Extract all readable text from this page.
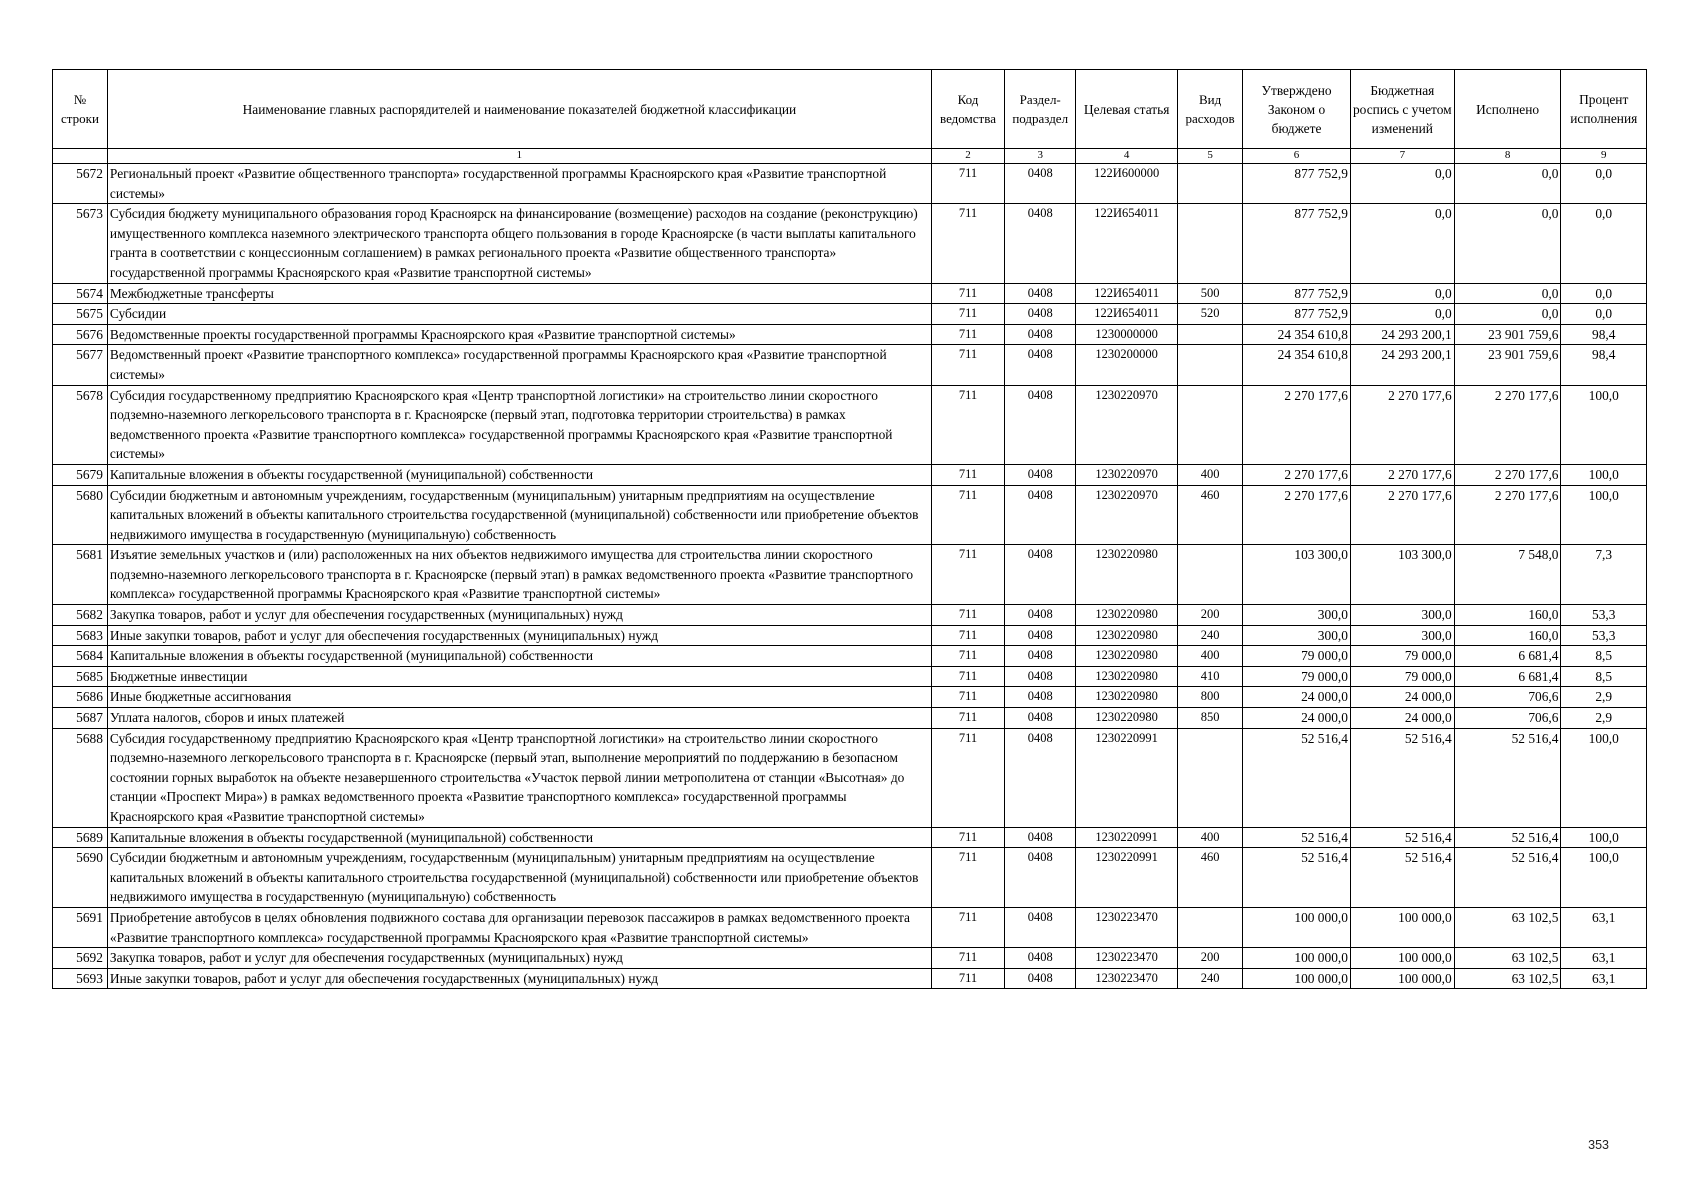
№ строки	Наименование главных распорядителей и наименование показателей бюджетной классификации	Код ведомства	Раздел-подраздел	Целевая статья	Вид расходов	Утверждено Законом о бюджете	Бюджетная роспись с учетом изменений	Исполнено	Процент исполнения
	1	2	3	4	5	6	7	8	9
5672	Региональный проект «Развитие общественного транспорта» государственной программы Красноярского края «Развитие транспортной системы»	711	0408	122И600000		877 752,9	0,0	0,0	0,0
5673	Субсидия бюджету муниципального образования город Красноярск на финансирование (возмещение) расходов на создание (реконструкцию) имущественного комплекса наземного электрического транспорта общего пользования в городе Красноярске (в части выплаты капитального гранта в соответствии с концессионным соглашением) в рамках регионального проекта «Развитие общественного транспорта» государственной программы Красноярского края «Развитие транспортной системы»	711	0408	122И654011		877 752,9	0,0	0,0	0,0
5674	Межбюджетные трансферты	711	0408	122И654011	500	877 752,9	0,0	0,0	0,0
5675	Субсидии	711	0408	122И654011	520	877 752,9	0,0	0,0	0,0
5676	Ведомственные проекты государственной программы Красноярского края «Развитие транспортной системы»	711	0408	1230000000		24 354 610,8	24 293 200,1	23 901 759,6	98,4
5677	Ведомственный проект «Развитие транспортного комплекса» государственной программы Красноярского края «Развитие транспортной системы»	711	0408	1230200000		24 354 610,8	24 293 200,1	23 901 759,6	98,4
5678	Субсидия государственному предприятию Красноярского края «Центр транспортной логистики» на строительство линии скоростного подземно-наземного легкорельсового транспорта в г. Красноярске (первый этап, подготовка территории строительства) в рамках ведомственного проекта «Развитие транспортного комплекса» государственной программы Красноярского края «Развитие транспортной системы»	711	0408	1230220970		2 270 177,6	2 270 177,6	2 270 177,6	100,0
5679	Капитальные вложения в объекты государственной (муниципальной) собственности	711	0408	1230220970	400	2 270 177,6	2 270 177,6	2 270 177,6	100,0
5680	Субсидии бюджетным и автономным учреждениям, государственным (муниципальным) унитарным предприятиям на осуществление капитальных вложений в объекты капитального строительства государственной (муниципальной) собственности или приобретение объектов недвижимого имущества в государственную (муниципальную) собственность	711	0408	1230220970	460	2 270 177,6	2 270 177,6	2 270 177,6	100,0
5681	Изъятие земельных участков и (или) расположенных на них объектов недвижимого имущества для строительства линии скоростного подземно-наземного легкорельсового транспорта в г. Красноярске (первый этап) в рамках ведомственного проекта «Развитие транспортного комплекса» государственной программы Красноярского края «Развитие транспортной системы»	711	0408	1230220980		103 300,0	103 300,0	7 548,0	7,3
5682	Закупка товаров, работ и услуг для обеспечения государственных (муниципальных) нужд	711	0408	1230220980	200	300,0	300,0	160,0	53,3
5683	Иные закупки товаров, работ и услуг для обеспечения государственных (муниципальных) нужд	711	0408	1230220980	240	300,0	300,0	160,0	53,3
5684	Капитальные вложения в объекты государственной (муниципальной) собственности	711	0408	1230220980	400	79 000,0	79 000,0	6 681,4	8,5
5685	Бюджетные инвестиции	711	0408	1230220980	410	79 000,0	79 000,0	6 681,4	8,5
5686	Иные бюджетные ассигнования	711	0408	1230220980	800	24 000,0	24 000,0	706,6	2,9
5687	Уплата налогов, сборов и иных платежей	711	0408	1230220980	850	24 000,0	24 000,0	706,6	2,9
5688	Субсидия государственному предприятию Красноярского края «Центр транспортной логистики» на строительство линии скоростного подземно-наземного легкорельсового транспорта в г. Красноярске (первый этап, выполнение мероприятий по поддержанию в безопасном состоянии горных выработок на объекте незавершенного строительства «Участок первой линии метрополитена от станции «Высотная» до станции «Проспект Мира») в рамках ведомственного проекта «Развитие транспортного комплекса» государственной программы Красноярского края «Развитие транспортной системы»	711	0408	1230220991		52 516,4	52 516,4	52 516,4	100,0
5689	Капитальные вложения в объекты государственной (муниципальной) собственности	711	0408	1230220991	400	52 516,4	52 516,4	52 516,4	100,0
5690	Субсидии бюджетным и автономным учреждениям, государственным (муниципальным) унитарным предприятиям на осуществление капитальных вложений в объекты капитального строительства государственной (муниципальной) собственности или приобретение объектов недвижимого имущества в государственную (муниципальную) собственность	711	0408	1230220991	460	52 516,4	52 516,4	52 516,4	100,0
5691	Приобретение автобусов в целях обновления подвижного состава для организации перевозок пассажиров в рамках ведомственного проекта «Развитие транспортного комплекса» государственной программы Красноярского края «Развитие транспортной системы»	711	0408	1230223470		100 000,0	100 000,0	63 102,5	63,1
5692	Закупка товаров, работ и услуг для обеспечения государственных (муниципальных) нужд	711	0408	1230223470	200	100 000,0	100 000,0	63 102,5	63,1
5693	Иные закупки товаров, работ и услуг для обеспечения государственных (муниципальных) нужд	711	0408	1230223470	240	100 000,0	100 000,0	63 102,5	63,1
353
